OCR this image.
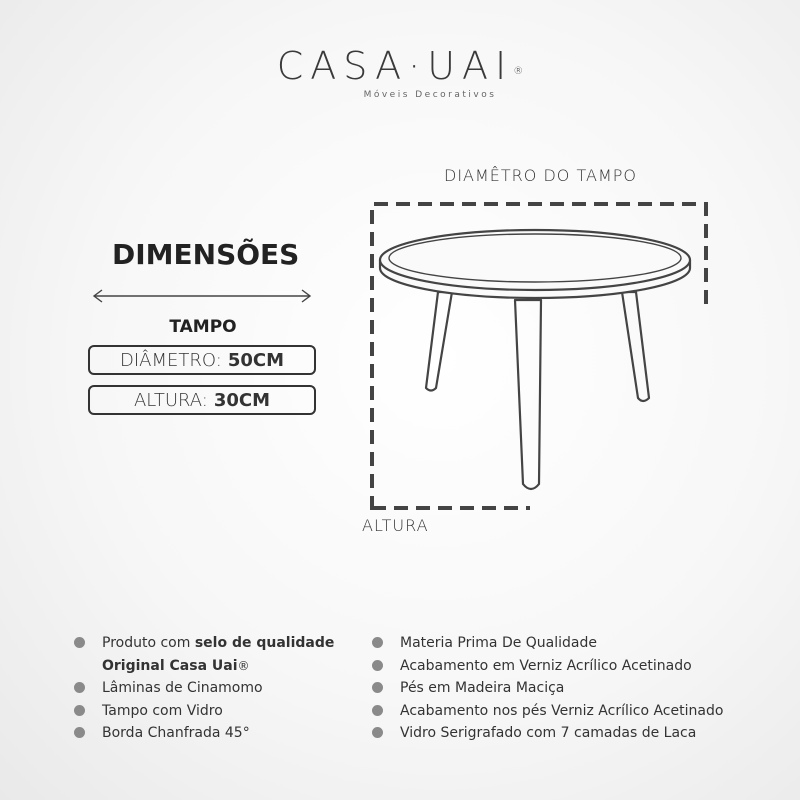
CASA·UAI®
Móveis Decorativos
DIAMÊTRO DO TAMPO
ALTURA
DIMENSÕES
TAMPO
DIÂMETRO: 50CM
ALTURA: 30CM
Produto com selo de qualidade
Original Casa Uai®
Lâminas de Cinamomo
Tampo com Vidro
Borda Chanfrada 45°
Materia Prima De Qualidade
Acabamento em Verniz Acrílico Acetinado
Pés em Madeira Maciça
Acabamento nos pés Verniz Acrílico Acetinado
Vidro Serigrafado com 7 camadas de Laca
